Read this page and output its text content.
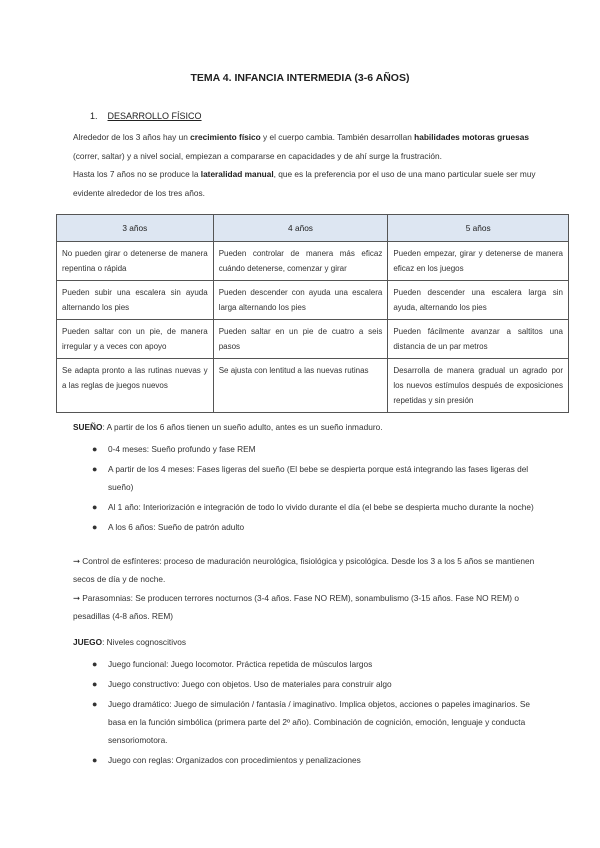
TEMA 4. INFANCIA INTERMEDIA (3-6 AÑOS)
1. DESARROLLO FÍSICO
Alrededor de los 3 años hay un crecimiento físico y el cuerpo cambia. También desarrollan habilidades motoras gruesas (correr, saltar) y a nivel social, empiezan a compararse en capacidades y de ahí surge la frustración.
Hasta los 7 años no se produce la lateralidad manual, que es la preferencia por el uso de una mano particular suele ser muy evidente alrededor de los tres años.
3 años	4 años	5 años
No pueden girar o detenerse de manera repentina o rápida	Pueden controlar de manera más eficaz cuándo detenerse, comenzar y girar	Pueden empezar, girar y detenerse de manera eficaz en los juegos
Pueden subir una escalera sin ayuda alternando los pies	Pueden descender con ayuda una escalera larga alternando los pies	Pueden descender una escalera larga sin ayuda, alternando los pies
Pueden saltar con un pie, de manera irregular y a veces con apoyo	Pueden saltar en un pie de cuatro a seis pasos	Pueden fácilmente avanzar a saltitos una distancia de un par metros
Se adapta pronto a las rutinas nuevas y a las reglas de juegos nuevos	Se ajusta con lentitud a las nuevas rutinas	Desarrolla de manera gradual un agrado por los nuevos estímulos después de exposiciones repetidas y sin presión
SUEÑO: A partir de los 6 años tienen un sueño adulto, antes es un sueño inmaduro.
● 0-4 meses: Sueño profundo y fase REM
● A partir de los 4 meses: Fases ligeras del sueño (El bebe se despierta porque está integrando las fases ligeras del sueño)
● Al 1 año: Interiorización e integración de todo lo vivido durante el día (el bebe se despierta mucho durante la noche)
● A los 6 años: Sueño de patrón adulto
➞ Control de esfínteres: proceso de maduración neurológica, fisiológica y psicológica. Desde los 3 a los 5 años se mantienen secos de día y de noche.
➞ Parasomnias: Se producen terrores nocturnos (3-4 años. Fase NO REM), sonambulismo (3-15 años. Fase NO REM) o pesadillas (4-8 años. REM)
JUEGO: Niveles cognoscitivos
● Juego funcional: Juego locomotor. Práctica repetida de músculos largos
● Juego constructivo: Juego con objetos. Uso de materiales para construir algo
● Juego dramático: Juego de simulación / fantasía / imaginativo. Implica objetos, acciones o papeles imaginarios. Se basa en la función simbólica (primera parte del 2º año). Combinación de cognición, emoción, lenguaje y conducta sensoriomotora.
● Juego con reglas: Organizados con procedimientos y penalizaciones
